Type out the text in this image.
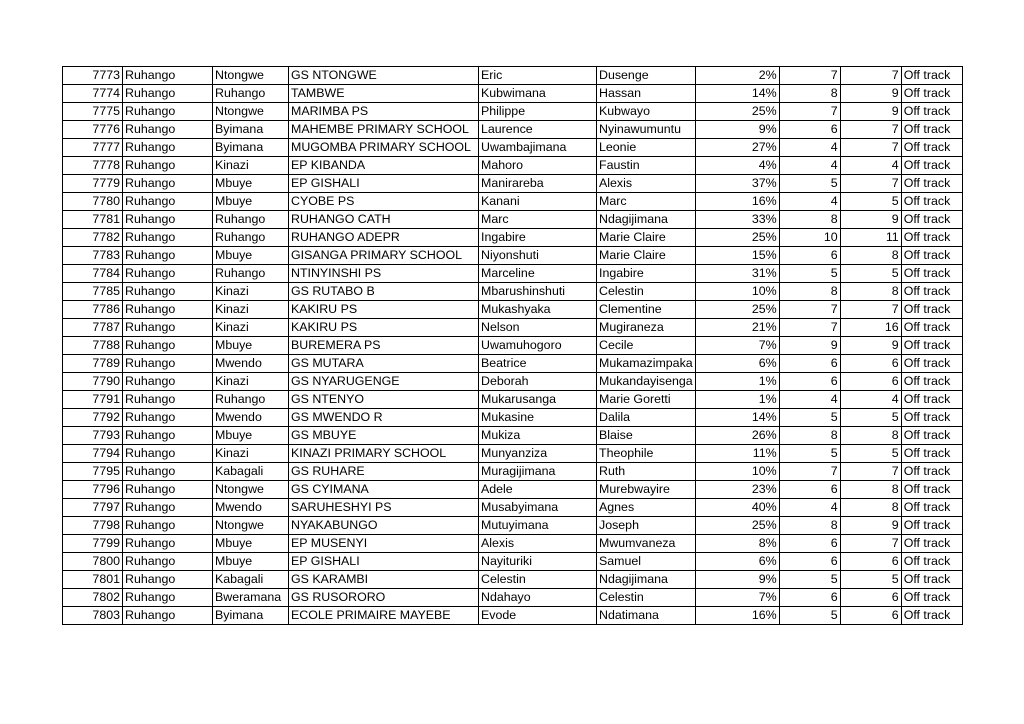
7773	Ruhango	Ntongwe	GS NTONGWE	Eric	Dusenge	2%	7	7	Off track
7774	Ruhango	Ruhango	TAMBWE	Kubwimana	Hassan	14%	8	9	Off track
7775	Ruhango	Ntongwe	MARIMBA PS	Philippe	Kubwayo	25%	7	9	Off track
7776	Ruhango	Byimana	MAHEMBE PRIMARY SCHOOL	Laurence	Nyinawumuntu	9%	6	7	Off track
7777	Ruhango	Byimana	MUGOMBA PRIMARY SCHOOL	Uwambajimana	Leonie	27%	4	7	Off track
7778	Ruhango	Kinazi	EP KIBANDA	Mahoro	Faustin	4%	4	4	Off track
7779	Ruhango	Mbuye	EP GISHALI	Manirareba	Alexis	37%	5	7	Off track
7780	Ruhango	Mbuye	CYOBE PS	Kanani	Marc	16%	4	5	Off track
7781	Ruhango	Ruhango	RUHANGO CATH	Marc	Ndagijimana	33%	8	9	Off track
7782	Ruhango	Ruhango	RUHANGO ADEPR	Ingabire	Marie Claire	25%	10	11	Off track
7783	Ruhango	Mbuye	GISANGA PRIMARY SCHOOL	Niyonshuti	Marie Claire	15%	6	8	Off track
7784	Ruhango	Ruhango	NTINYINSHI PS	Marceline	Ingabire	31%	5	5	Off track
7785	Ruhango	Kinazi	GS RUTABO B	Mbarushinshuti	Celestin	10%	8	8	Off track
7786	Ruhango	Kinazi	KAKIRU PS	Mukashyaka	Clementine	25%	7	7	Off track
7787	Ruhango	Kinazi	KAKIRU PS	Nelson	Mugiraneza	21%	7	16	Off track
7788	Ruhango	Mbuye	BUREMERA PS	Uwamuhogoro	Cecile	7%	9	9	Off track
7789	Ruhango	Mwendo	GS MUTARA	Beatrice	Mukamazimpaka	6%	6	6	Off track
7790	Ruhango	Kinazi	GS NYARUGENGE	Deborah	Mukandayisenga	1%	6	6	Off track
7791	Ruhango	Ruhango	GS NTENYO	Mukarusanga	Marie Goretti	1%	4	4	Off track
7792	Ruhango	Mwendo	GS MWENDO R	Mukasine	Dalila	14%	5	5	Off track
7793	Ruhango	Mbuye	GS MBUYE	Mukiza	Blaise	26%	8	8	Off track
7794	Ruhango	Kinazi	KINAZI PRIMARY SCHOOL	Munyanziza	Theophile	11%	5	5	Off track
7795	Ruhango	Kabagali	GS RUHARE	Muragijimana	Ruth	10%	7	7	Off track
7796	Ruhango	Ntongwe	GS CYIMANA	Adele	Murebwayire	23%	6	8	Off track
7797	Ruhango	Mwendo	SARUHESHYI PS	Musabyimana	Agnes	40%	4	8	Off track
7798	Ruhango	Ntongwe	NYAKABUNGO	Mutuyimana	Joseph	25%	8	9	Off track
7799	Ruhango	Mbuye	EP MUSENYI	Alexis	Mwumvaneza	8%	6	7	Off track
7800	Ruhango	Mbuye	EP GISHALI	Nayituriki	Samuel	6%	6	6	Off track
7801	Ruhango	Kabagali	GS KARAMBI	Celestin	Ndagijimana	9%	5	5	Off track
7802	Ruhango	Bweramana	GS RUSORORO	Ndahayo	Celestin	7%	6	6	Off track
7803	Ruhango	Byimana	ECOLE PRIMAIRE MAYEBE	Evode	Ndatimana	16%	5	6	Off track
